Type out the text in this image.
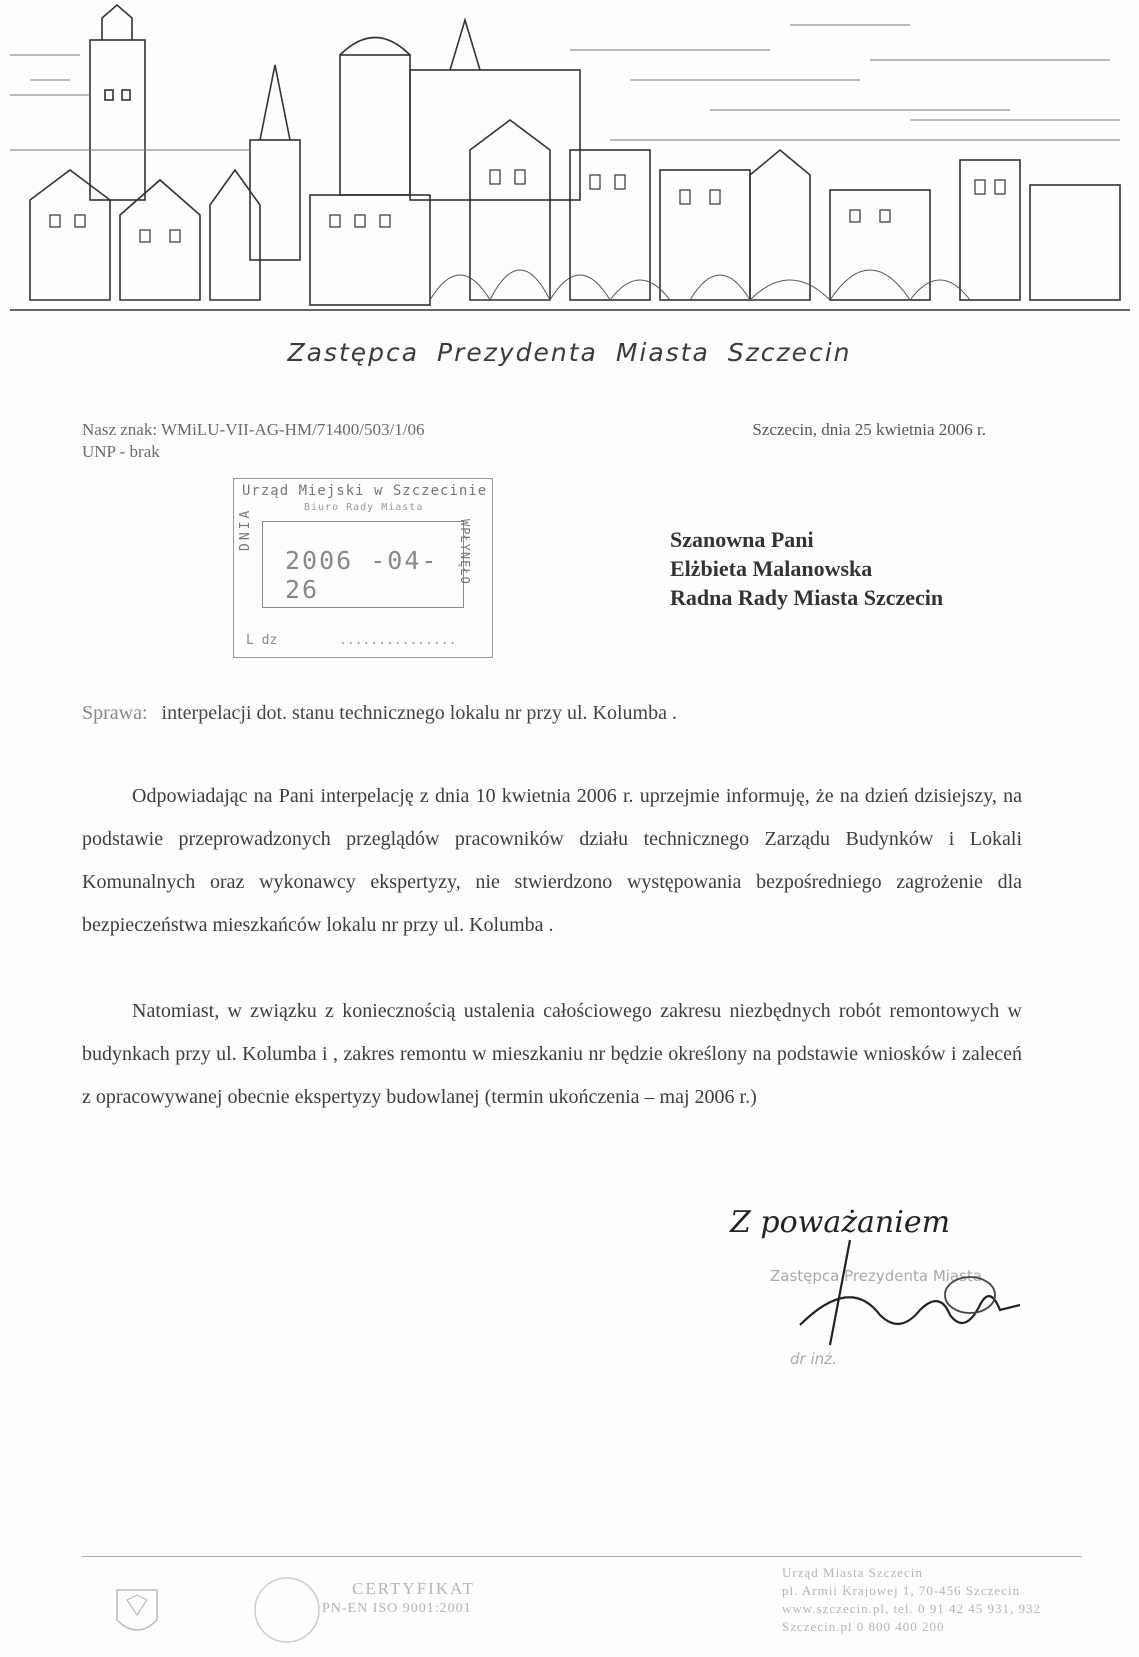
Zastępca Prezydenta Miasta Szczecin
Nasz znak: WMiLU-VII-AG-HM/71400/503/1/06
UNP - brak
Szczecin, dnia 25 kwietnia 2006 r.
Urząd Miejski w Szczecinie
Biuro Rady Miasta
DNIA
2006 -04- 26
WPŁYNĘŁO
L dz	...............
Szanowna Pani
Elżbieta Malanowska
Radna Rady Miasta Szczecin
Sprawa: interpelacji dot. stanu technicznego lokalu nr przy ul. Kolumba .
Odpowiadając na Pani interpelację z dnia 10 kwietnia 2006 r. uprzejmie informuję, że na dzień dzisiejszy, na podstawie przeprowadzonych przeglądów pracowników działu technicznego Zarządu Budynków i Lokali Komunalnych oraz wykonawcy ekspertyzy, nie stwierdzono występowania bezpośredniego zagrożenie dla bezpieczeństwa mieszkańców lokalu nr przy ul. Kolumba .
Natomiast, w związku z koniecznością ustalenia całościowego zakresu niezbędnych robót remontowych w budynkach przy ul. Kolumba i , zakres remontu w mieszkaniu nr będzie określony na podstawie wniosków i zaleceń z opracowywanej obecnie ekspertyzy budowlanej (termin ukończenia – maj 2006 r.)
Z poważaniem
Zastępca Prezydenta Miasta
dr inż.
CERTYFIKAT
PN-EN ISO 9001:2001
Urząd Miasta Szczecin
pl. Armii Krajowej 1, 70-456 Szczecin
www.szczecin.pl, tel. 0 91 42 45 931, 932
Szczecin.pl 0 800 400 200
